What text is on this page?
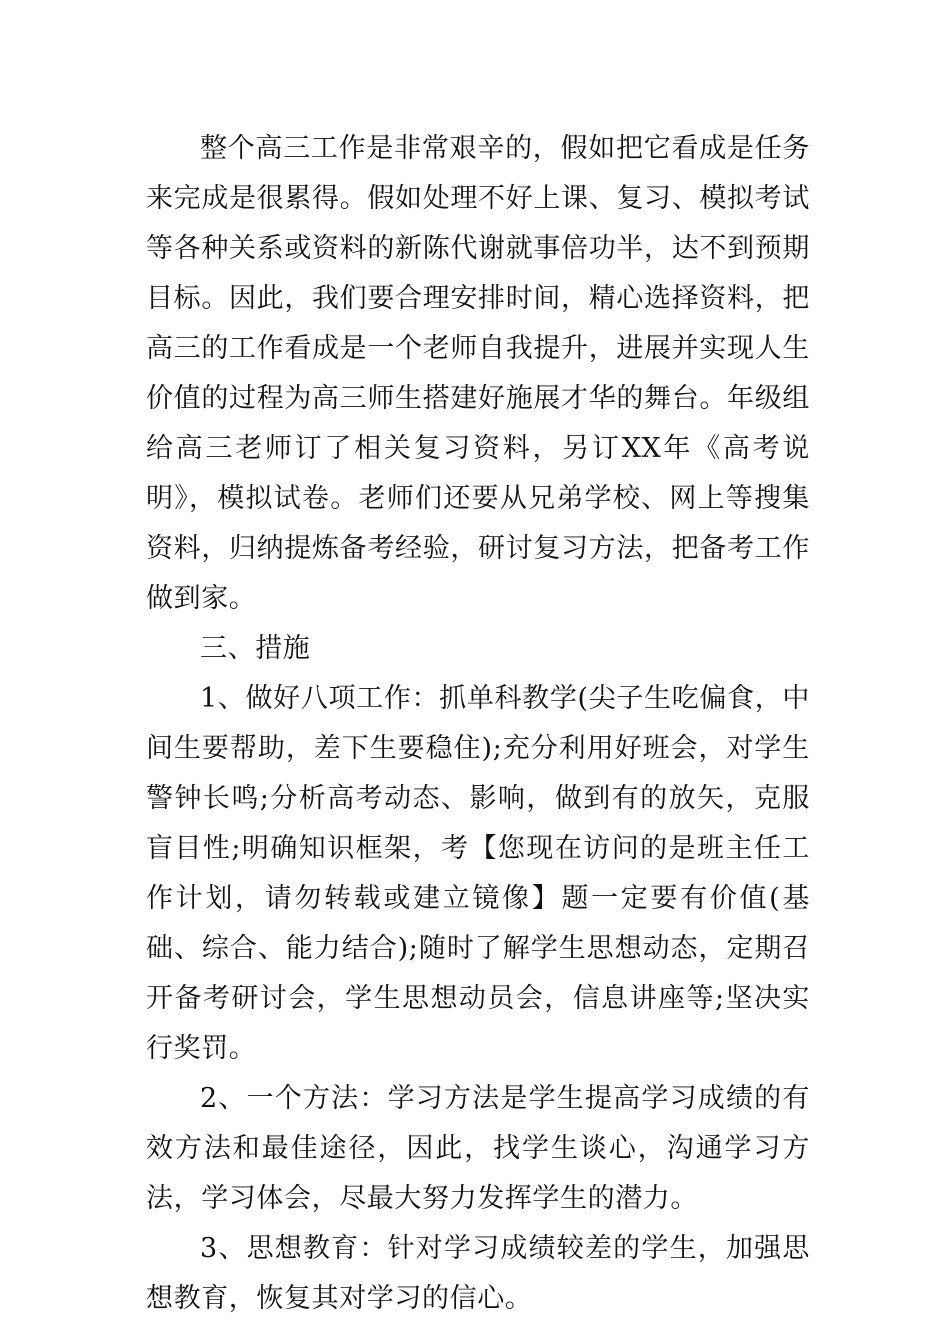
整个高三工作是非常艰辛的，假如把它看成是任务来完成是很累得。假如处理不好上课、复习、模拟考试等各种关系或资料的新陈代谢就事倍功半，达不到预期目标。因此，我们要合理安排时间，精心选择资料，把高三的工作看成是一个老师自我提升，进展并实现人生价值的过程为高三师生搭建好施展才华的舞台。年级组给高三老师订了相关复习资料，另订XX年《高考说明》，模拟试卷。老师们还要从兄弟学校、网上等搜集资料，归纳提炼备考经验，研讨复习方法，把备考工作做到家。

三、措施

1、做好八项工作：抓单科教学(尖子生吃偏食，中间生要帮助，差下生要稳住);充分利用好班会，对学生警钟长鸣;分析高考动态、影响，做到有的放矢，克服盲目性;明确知识框架，考【您现在访问的是班主任工作计划，请勿转载或建立镜像】题一定要有价值(基础、综合、能力结合);随时了解学生思想动态，定期召开备考研讨会，学生思想动员会，信息讲座等;坚决实行奖罚。

2、一个方法：学习方法是学生提高学习成绩的有效方法和最佳途径，因此，找学生谈心，沟通学习方法，学习体会，尽最大努力发挥学生的潜力。

3、思想教育：针对学习成绩较差的学生，加强思想教育，恢复其对学习的信心。
